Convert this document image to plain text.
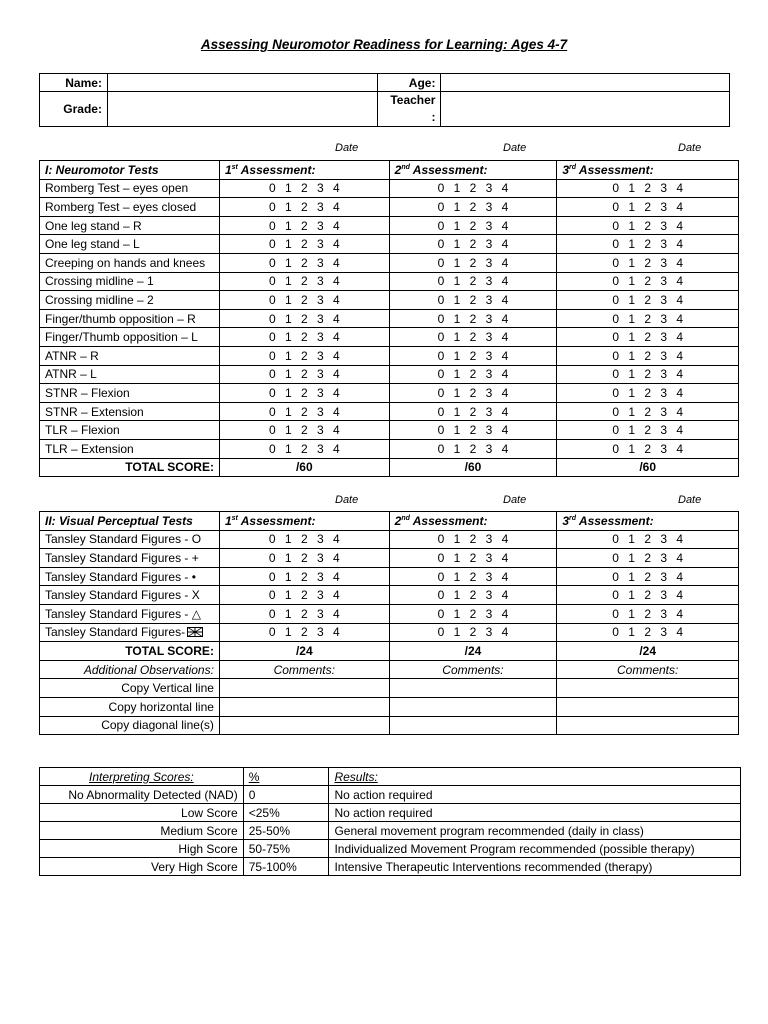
Assessing Neuromotor Readiness for Learning: Ages 4-7
Name:		Age:	
Grade:		Teacher
:	

Date	Date	Date
I: Neuromotor Tests	1st Assessment:	2nd Assessment:	3rd Assessment:
Romberg Test – eyes open	0 1 2 3 4	0 1 2 3 4	0 1 2 3 4
Romberg Test – eyes closed	0 1 2 3 4	0 1 2 3 4	0 1 2 3 4
One leg stand – R	0 1 2 3 4	0 1 2 3 4	0 1 2 3 4
One leg stand – L	0 1 2 3 4	0 1 2 3 4	0 1 2 3 4
Creeping on hands and knees	0 1 2 3 4	0 1 2 3 4	0 1 2 3 4
Crossing midline – 1	0 1 2 3 4	0 1 2 3 4	0 1 2 3 4
Crossing midline – 2	0 1 2 3 4	0 1 2 3 4	0 1 2 3 4
Finger/thumb opposition – R	0 1 2 3 4	0 1 2 3 4	0 1 2 3 4
Finger/Thumb opposition – L	0 1 2 3 4	0 1 2 3 4	0 1 2 3 4
ATNR – R	0 1 2 3 4	0 1 2 3 4	0 1 2 3 4
ATNR – L	0 1 2 3 4	0 1 2 3 4	0 1 2 3 4
STNR – Flexion	0 1 2 3 4	0 1 2 3 4	0 1 2 3 4
STNR – Extension	0 1 2 3 4	0 1 2 3 4	0 1 2 3 4
TLR – Flexion	0 1 2 3 4	0 1 2 3 4	0 1 2 3 4
TLR – Extension	0 1 2 3 4	0 1 2 3 4	0 1 2 3 4
TOTAL SCORE:	/60	/60	/60
Date	Date	Date
II: Visual Perceptual Tests	1st Assessment:	2nd Assessment:	3rd Assessment:
Tansley Standard Figures - O	0 1 2 3 4	0 1 2 3 4	0 1 2 3 4
Tansley Standard Figures - +	0 1 2 3 4	0 1 2 3 4	0 1 2 3 4
Tansley Standard Figures - •	0 1 2 3 4	0 1 2 3 4	0 1 2 3 4
Tansley Standard Figures - X	0 1 2 3 4	0 1 2 3 4	0 1 2 3 4
Tansley Standard Figures - △	0 1 2 3 4	0 1 2 3 4	0 1 2 3 4
Tansley Standard Figures-	0 1 2 3 4	0 1 2 3 4	0 1 2 3 4
TOTAL SCORE:	/24	/24	/24
Additional Observations:	Comments:	Comments:	Comments:
Copy Vertical line			
Copy horizontal line			
Copy diagonal line(s)			
Interpreting Scores:	%	Results:
No Abnormality Detected (NAD)	0	No action required
Low Score	<25%	No action required
Medium Score	25-50%	General movement program recommended (daily in class)
High Score	50-75%	Individualized Movement Program recommended (possible therapy)
Very High Score	75-100%	Intensive Therapeutic Interventions recommended (therapy)
